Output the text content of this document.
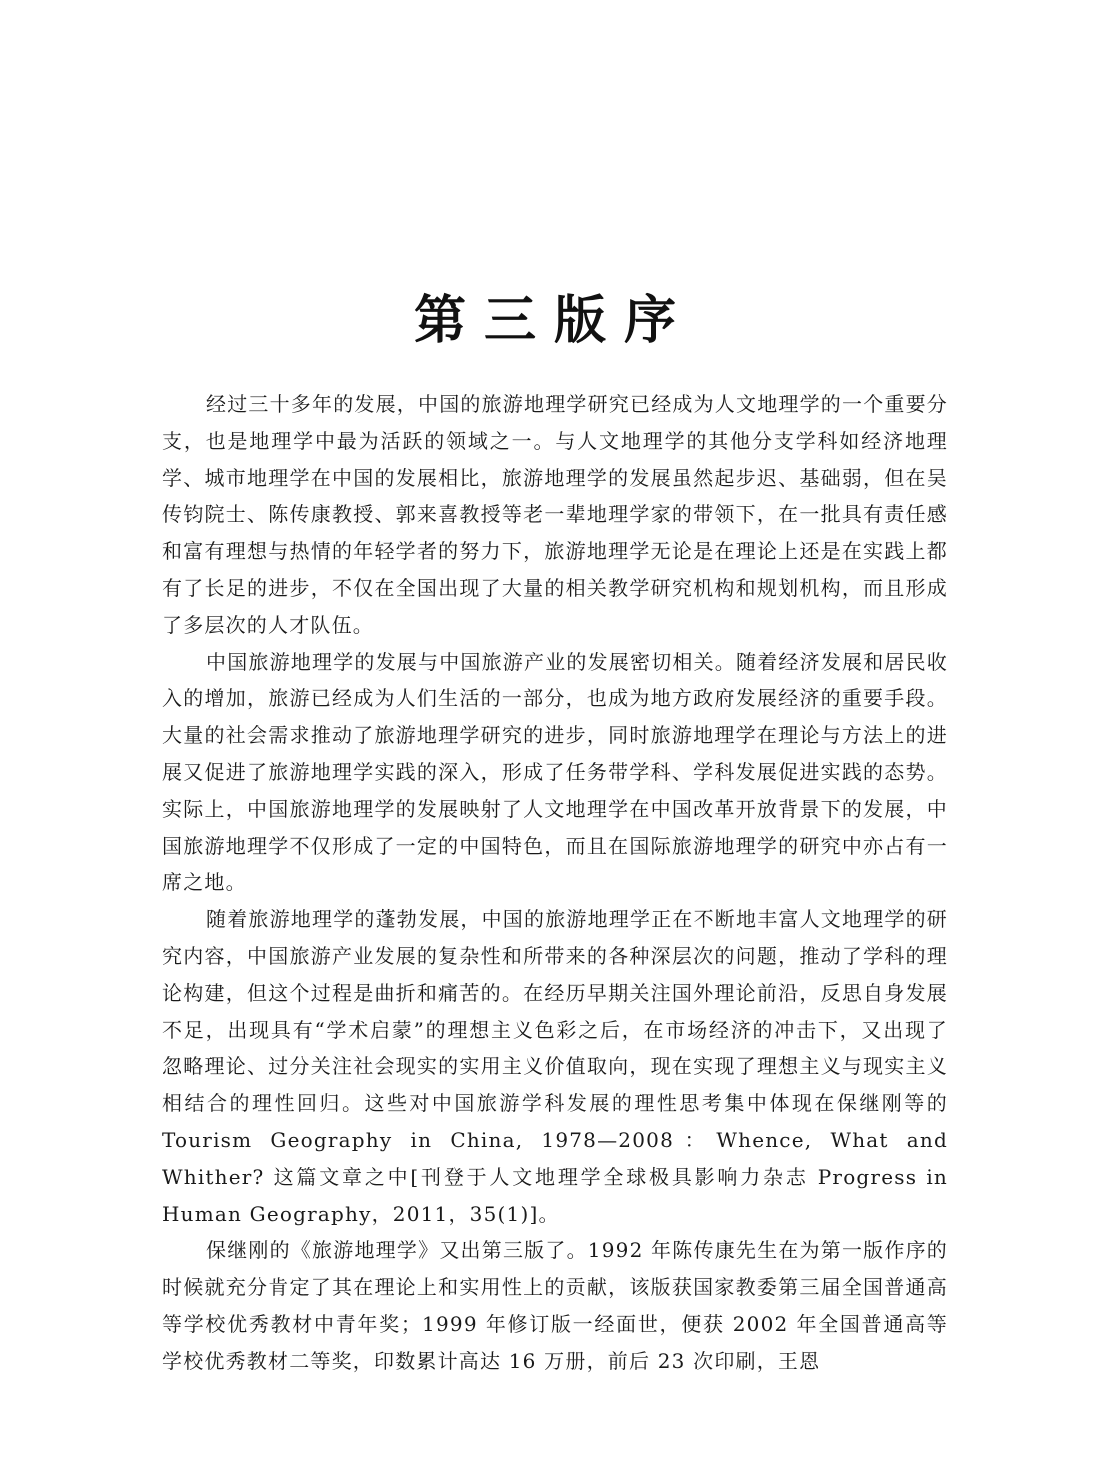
第三版序

经过三十多年的发展，中国的旅游地理学研究已经成为人文地理学的一个重要分支，也是地理学中最为活跃的领域之一。与人文地理学的其他分支学科如经济地理学、城市地理学在中国的发展相比，旅游地理学的发展虽然起步迟、基础弱，但在吴传钧院士、陈传康教授、郭来喜教授等老一辈地理学家的带领下，在一批具有责任感和富有理想与热情的年轻学者的努力下，旅游地理学无论是在理论上还是在实践上都有了长足的进步，不仅在全国出现了大量的相关教学研究机构和规划机构，而且形成了多层次的人才队伍。

中国旅游地理学的发展与中国旅游产业的发展密切相关。随着经济发展和居民收入的增加，旅游已经成为人们生活的一部分，也成为地方政府发展经济的重要手段。大量的社会需求推动了旅游地理学研究的进步，同时旅游地理学在理论与方法上的进展又促进了旅游地理学实践的深入，形成了任务带学科、学科发展促进实践的态势。实际上，中国旅游地理学的发展映射了人文地理学在中国改革开放背景下的发展，中国旅游地理学不仅形成了一定的中国特色，而且在国际旅游地理学的研究中亦占有一席之地。

随着旅游地理学的蓬勃发展，中国的旅游地理学正在不断地丰富人文地理学的研究内容，中国旅游产业发展的复杂性和所带来的各种深层次的问题，推动了学科的理论构建，但这个过程是曲折和痛苦的。在经历早期关注国外理论前沿，反思自身发展不足，出现具有“学术启蒙”的理想主义色彩之后，在市场经济的冲击下，又出现了忽略理论、过分关注社会现实的实用主义价值取向，现在实现了理想主义与现实主义相结合的理性回归。这些对中国旅游学科发展的理性思考集中体现在保继刚等的 Tourism Geography in China, 1978—2008：Whence, What and Whither? 这篇文章之中[刊登于人文地理学全球极具影响力杂志 Progress in Human Geography，2011，35(1)]。

保继刚的《旅游地理学》又出第三版了。1992 年陈传康先生在为第一版作序的时候就充分肯定了其在理论上和实用性上的贡献，该版获国家教委第三届全国普通高等学校优秀教材中青年奖；1999 年修订版一经面世，便获 2002 年全国普通高等学校优秀教材二等奖，印数累计高达 16 万册，前后 23 次印刷，王恩
